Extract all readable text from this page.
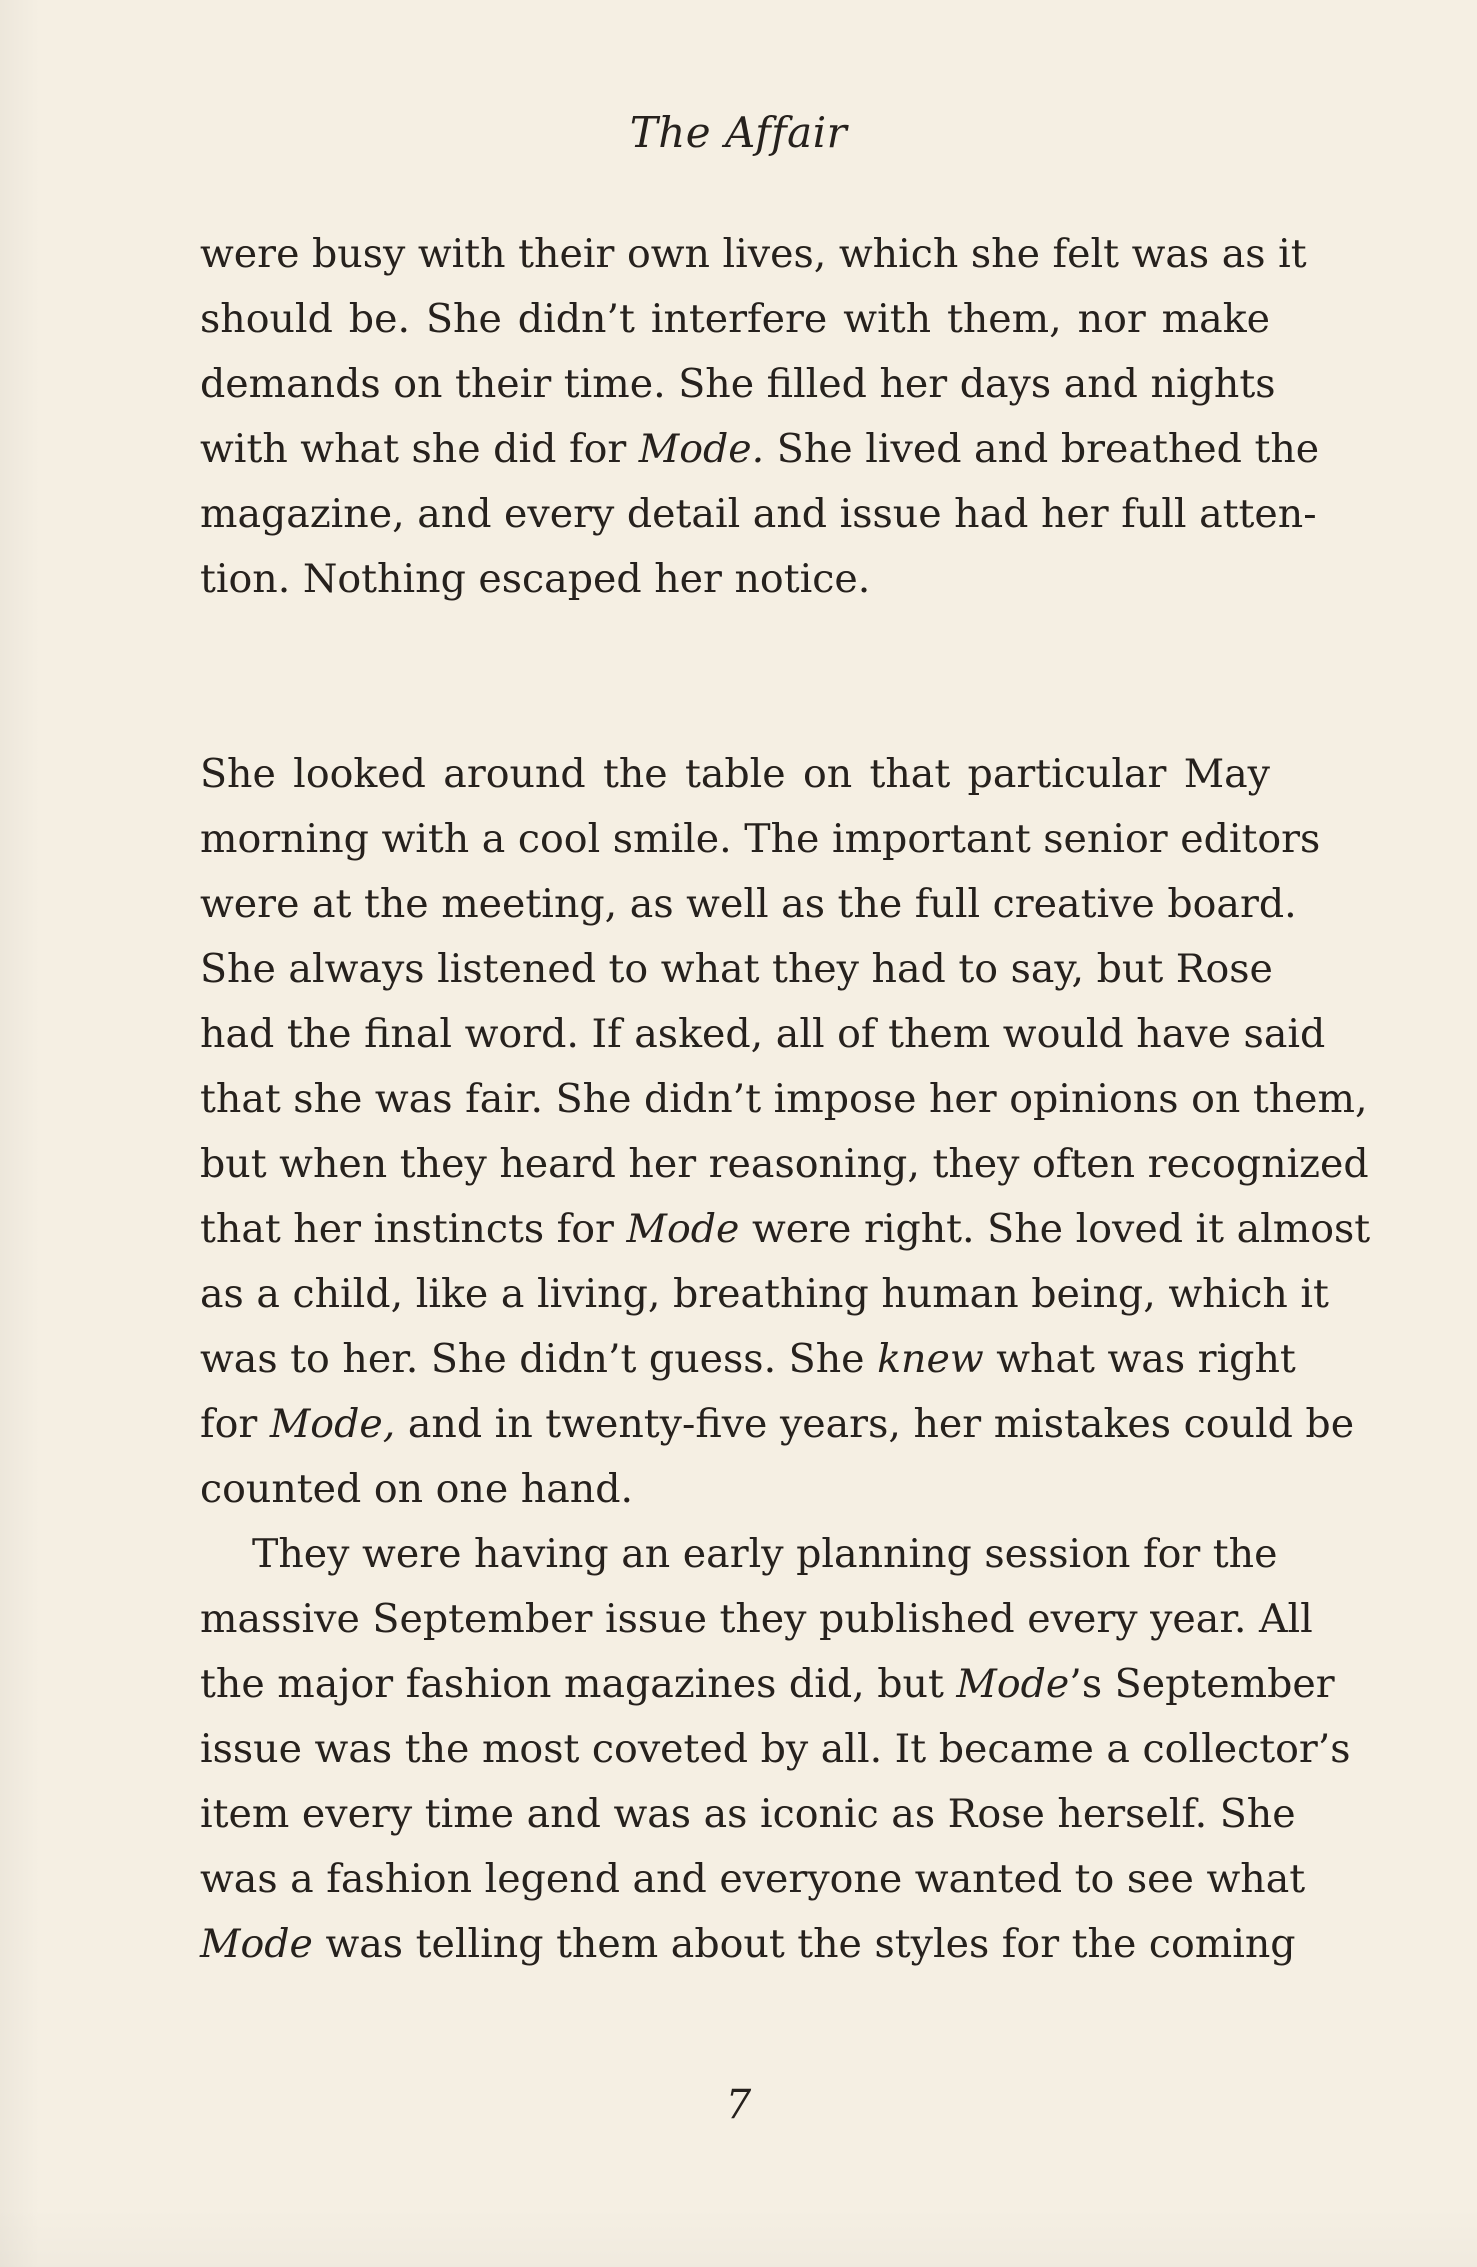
The Affair
were busy with their own lives, which she felt was as it
should be. She didn’t interfere with them, nor make
demands on their time. She filled her days and nights
with what she did for Mode. She lived and breathed the
magazine, and every detail and issue had her full atten-
tion. Nothing escaped her notice.
She looked around the table on that particular May
morning with a cool smile. The important senior editors
were at the meeting, as well as the full creative board.
She always listened to what they had to say, but Rose
had the final word. If asked, all of them would have said
that she was fair. She didn’t impose her opinions on them,
but when they heard her reasoning, they often recognized
that her instincts for Mode were right. She loved it almost
as a child, like a living, breathing human being, which it
was to her. She didn’t guess. She knew what was right
for Mode, and in twenty-five years, her mistakes could be
counted on one hand.
They were having an early planning session for the
massive September issue they published every year. All
the major fashion magazines did, but Mode’s September
issue was the most coveted by all. It became a collector’s
item every time and was as iconic as Rose herself. She
was a fashion legend and everyone wanted to see what
Mode was telling them about the styles for the coming
7
